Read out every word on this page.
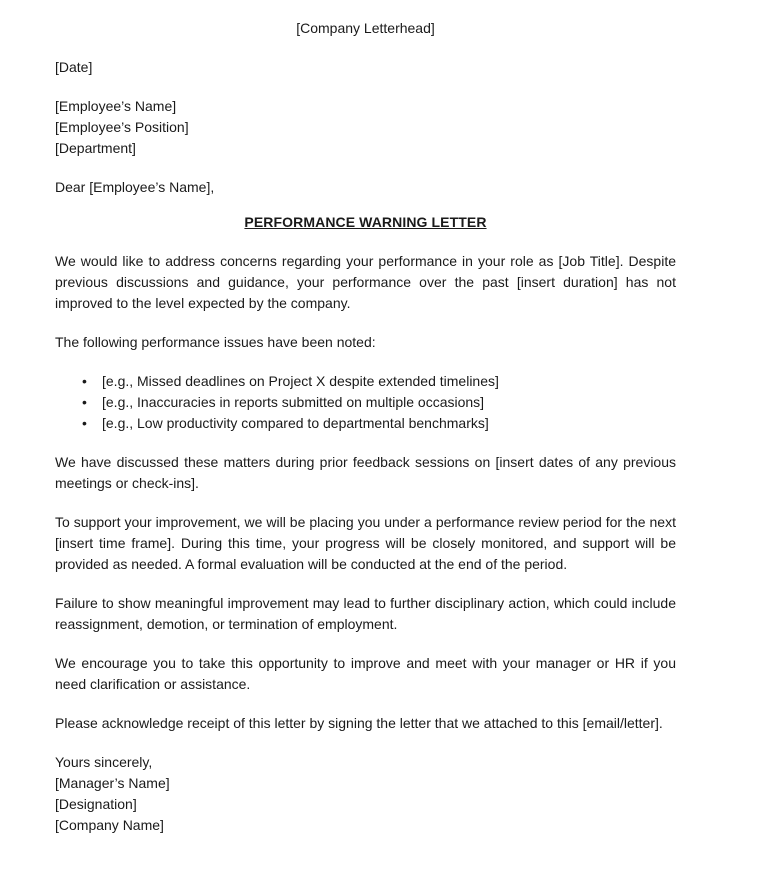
[Company Letterhead]

[Date]

[Employee’s Name]
[Employee’s Position]
[Department]

Dear [Employee’s Name],

PERFORMANCE WARNING LETTER

We would like to address concerns regarding your performance in your role as [Job Title]. Despite previous discussions and guidance, your performance over the past [insert duration] has not improved to the level expected by the company.

The following performance issues have been noted:

• [e.g., Missed deadlines on Project X despite extended timelines]
• [e.g., Inaccuracies in reports submitted on multiple occasions]
• [e.g., Low productivity compared to departmental benchmarks]

We have discussed these matters during prior feedback sessions on [insert dates of any previous meetings or check-ins].

To support your improvement, we will be placing you under a performance review period for the next [insert time frame]. During this time, your progress will be closely monitored, and support will be provided as needed. A formal evaluation will be conducted at the end of the period.

Failure to show meaningful improvement may lead to further disciplinary action, which could include reassignment, demotion, or termination of employment.

We encourage you to take this opportunity to improve and meet with your manager or HR if you need clarification or assistance.

Please acknowledge receipt of this letter by signing the letter that we attached to this [email/letter].

Yours sincerely,
[Manager’s Name]
[Designation]
[Company Name]
